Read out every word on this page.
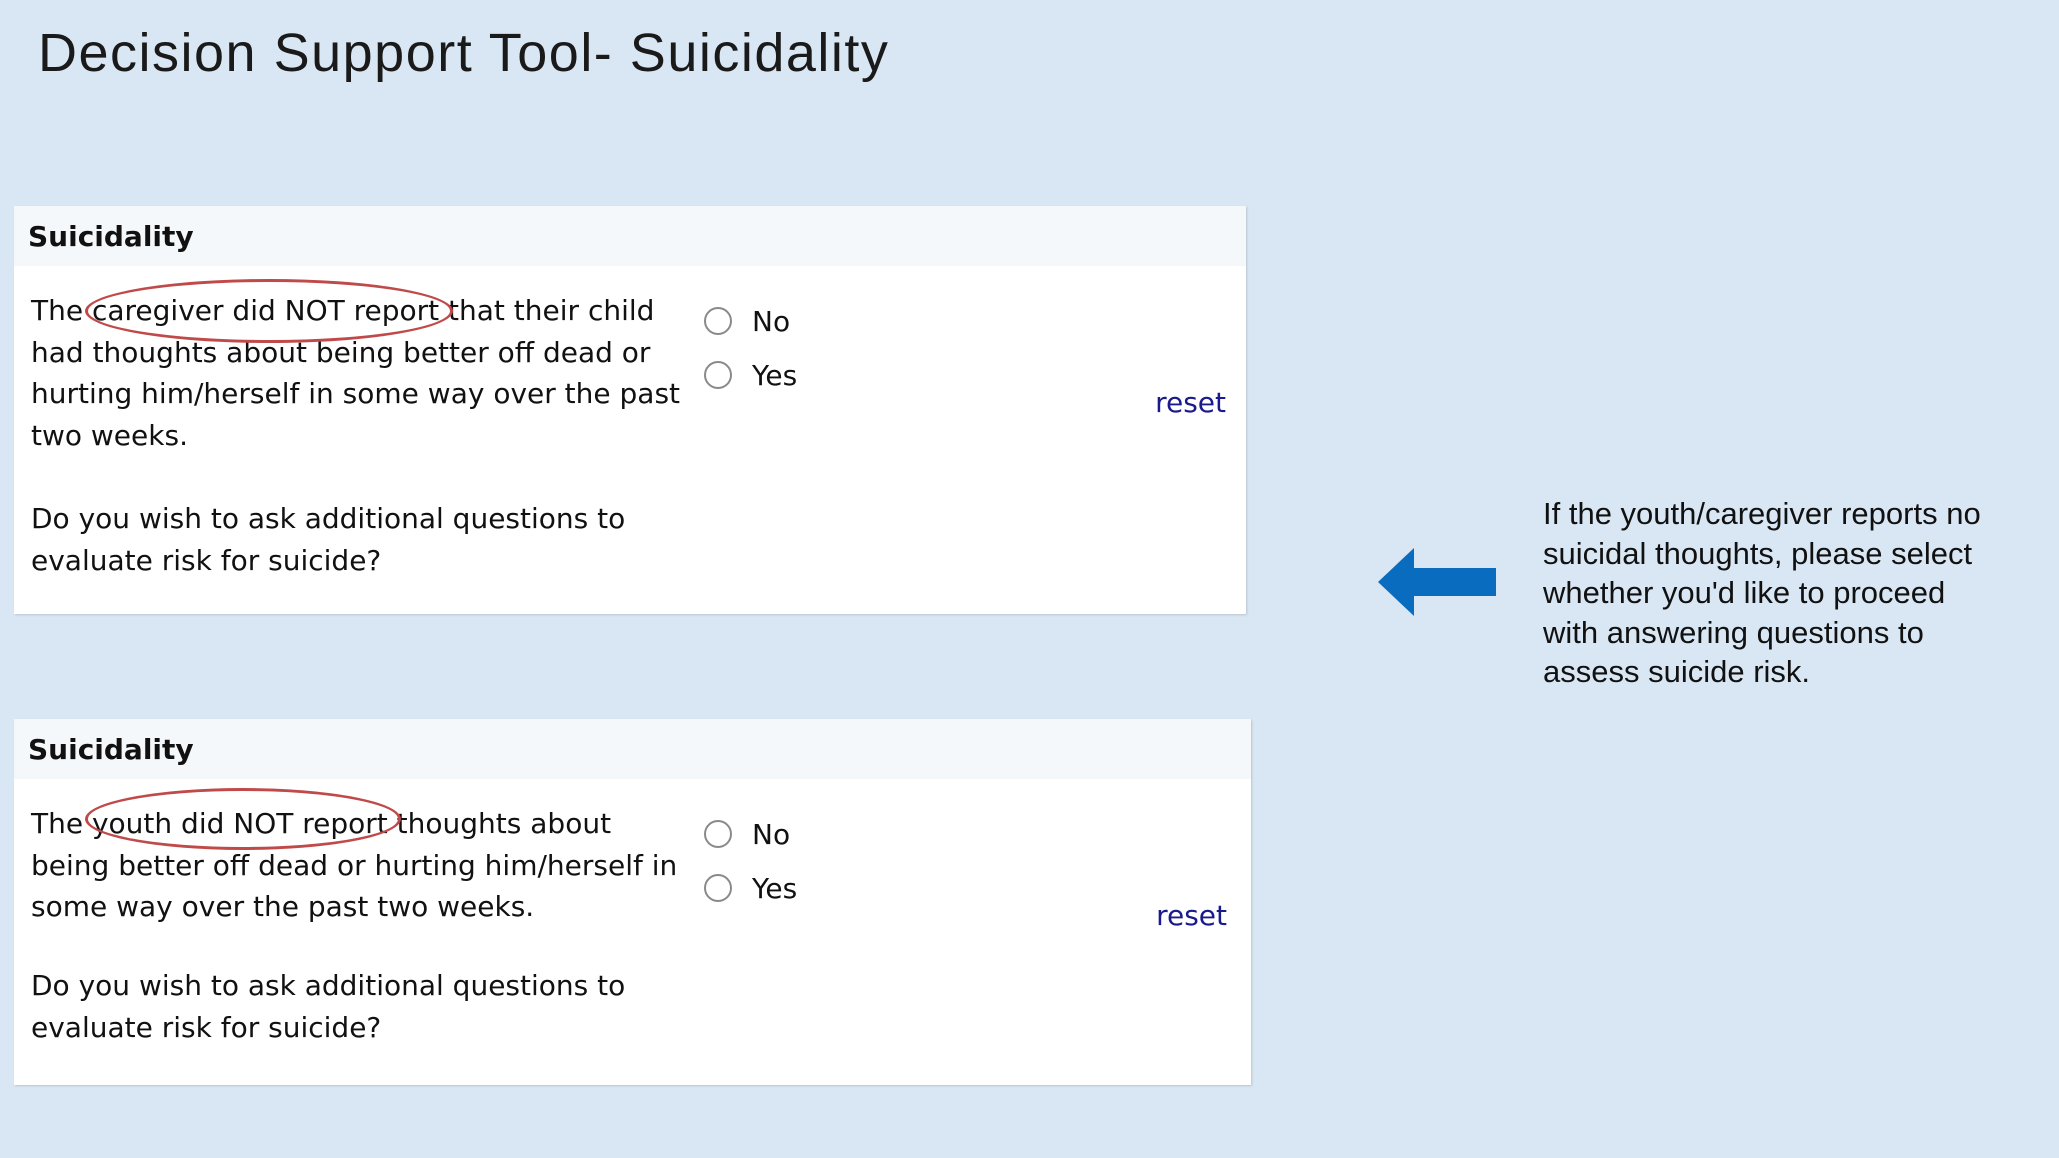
Decision Support Tool- Suicidality
Suicidality

The caregiver did NOT report that their child had thoughts about being better off dead or hurting him/herself in some way over the past two weeks.

Do you wish to ask additional questions to evaluate risk for suicide?

No
Yes
reset
Suicidality

The youth did NOT report thoughts about being better off dead or hurting him/herself in some way over the past two weeks.

Do you wish to ask additional questions to evaluate risk for suicide?

No
Yes
reset

If the youth/caregiver reports no suicidal thoughts, please select whether you'd like to proceed with answering questions to assess suicide risk.
